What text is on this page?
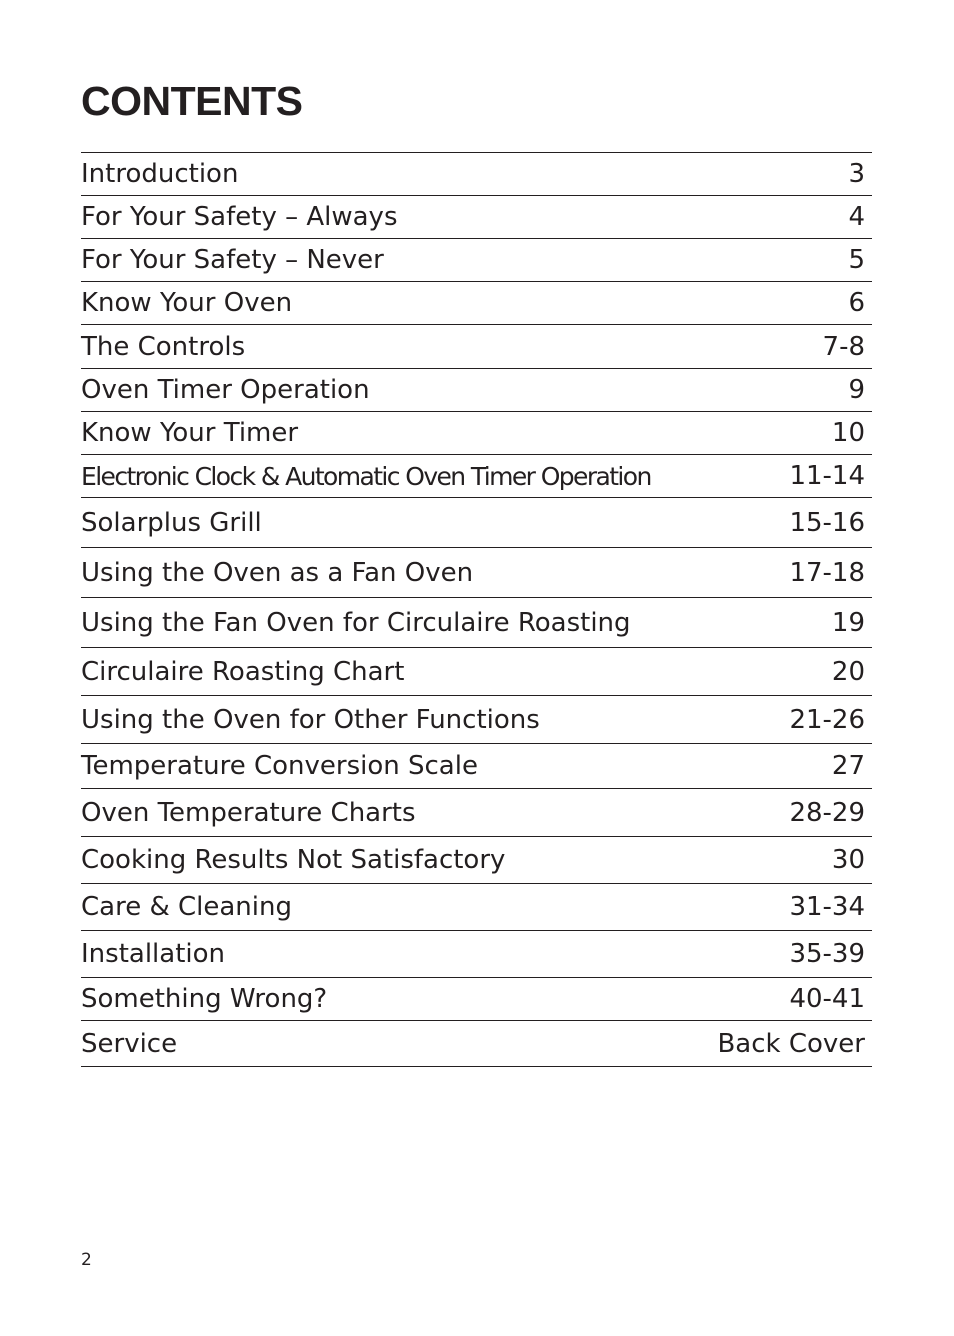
CONTENTS
Introduction	3
For Your Safety – Always	4
For Your Safety – Never	5
Know Your Oven	6
The Controls	7-8
Oven Timer Operation	9
Know Your Timer	10
Electronic Clock & Automatic Oven Timer Operation	11-14
Solarplus Grill	15-16
Using the Oven as a Fan Oven	17-18
Using the Fan Oven for Circulaire Roasting	19
Circulaire Roasting Chart	20
Using the Oven for Other Functions	21-26
Temperature Conversion Scale	27
Oven Temperature Charts	28-29
Cooking Results Not Satisfactory	30
Care & Cleaning	31-34
Installation	35-39
Something Wrong?	40-41
Service	Back Cover
2
